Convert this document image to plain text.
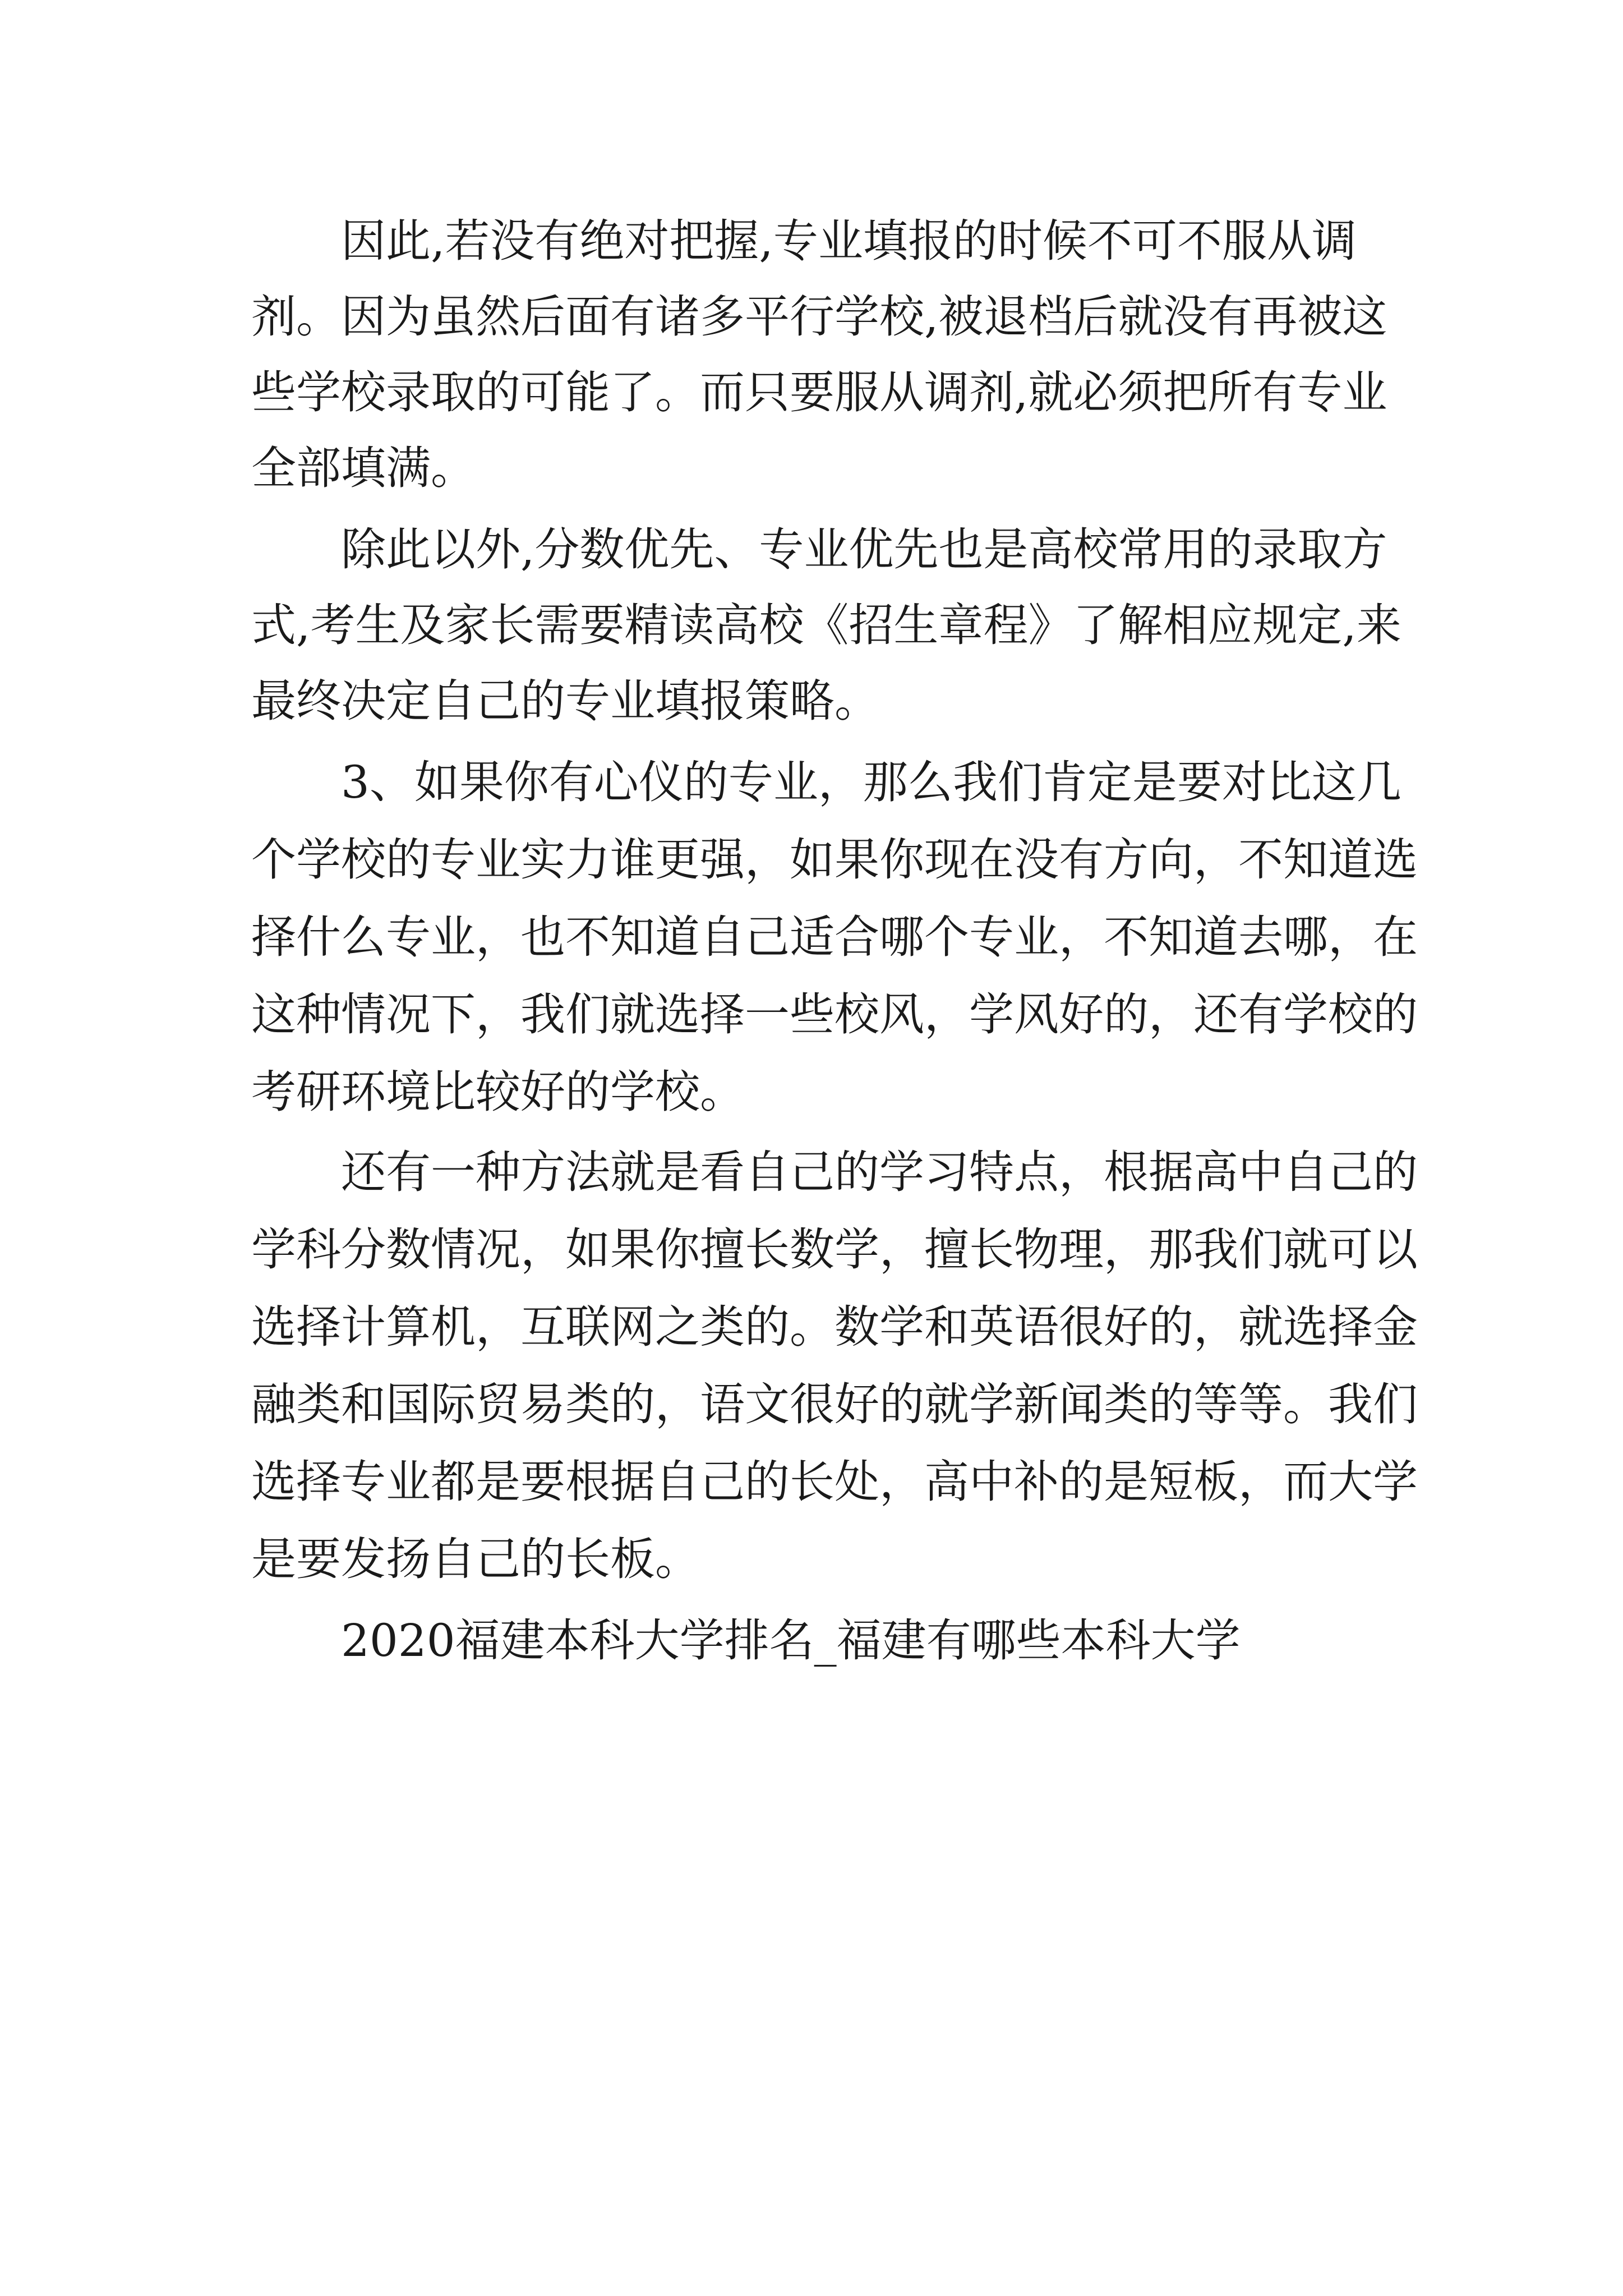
因此,若没有绝对把握,专业填报的时候不可不服从调

剂。因为虽然后面有诸多平行学校,被退档后就没有再被这

些学校录取的可能了。而只要服从调剂,就必须把所有专业

全部填满。

除此以外,分数优先、专业优先也是高校常用的录取方

式,考生及家长需要精读高校《招生章程》了解相应规定,来

最终决定自己的专业填报策略。

3、如果你有心仪的专业，那么我们肯定是要对比这几

个学校的专业实力谁更强，如果你现在没有方向，不知道选

择什么专业，也不知道自己适合哪个专业，不知道去哪，在

这种情况下，我们就选择一些校风，学风好的，还有学校的

考研环境比较好的学校。

还有一种方法就是看自己的学习特点，根据高中自己的

学科分数情况，如果你擅长数学，擅长物理，那我们就可以

选择计算机，互联网之类的。数学和英语很好的，就选择金

融类和国际贸易类的，语文很好的就学新闻类的等等。我们

选择专业都是要根据自己的长处，高中补的是短板，而大学

是要发扬自己的长板。

2020福建本科大学排名_福建有哪些本科大学
